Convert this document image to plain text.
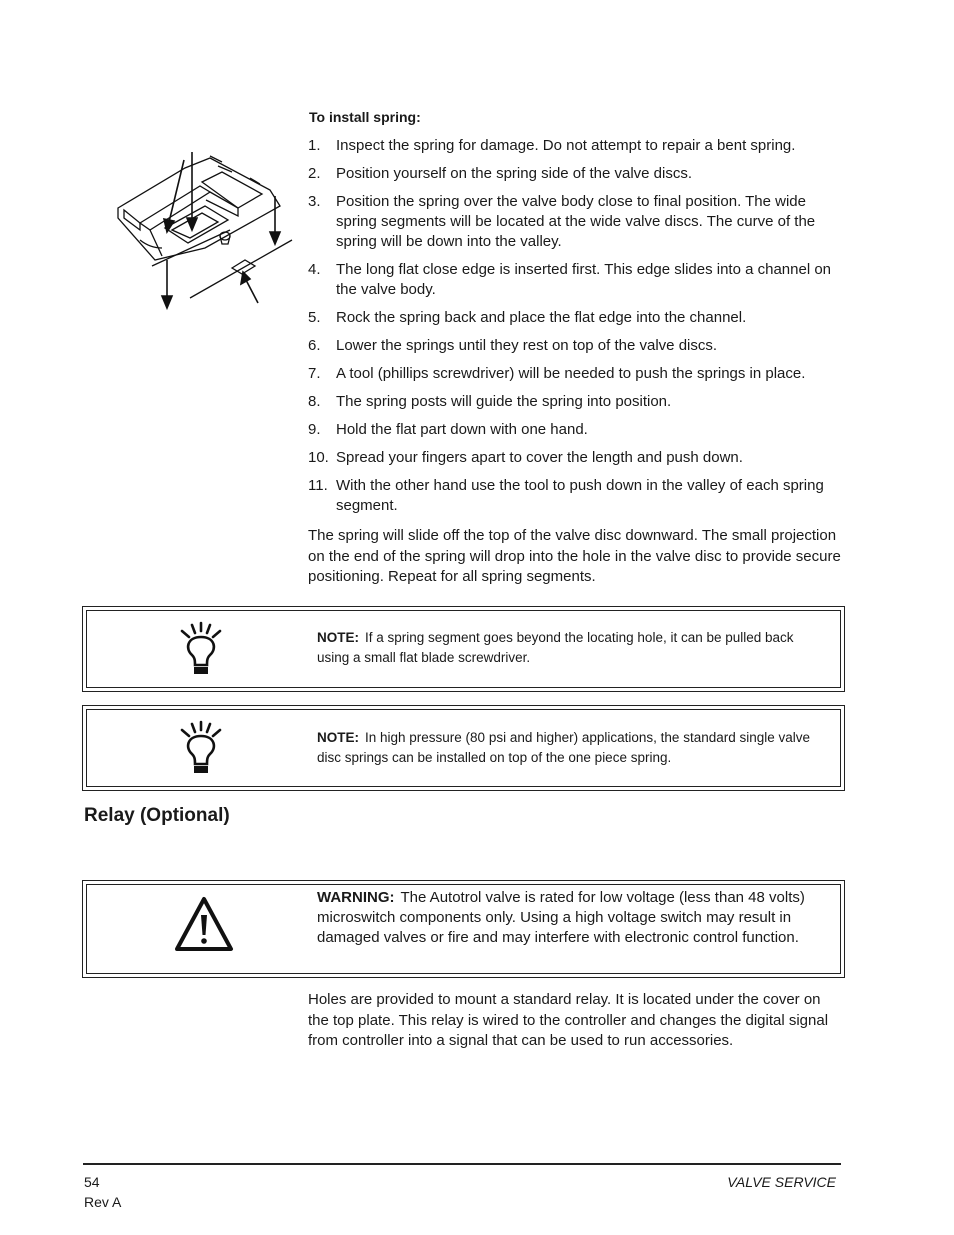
To install spring:
1. Inspect the spring for damage. Do not attempt to repair a bent spring.
2. Position yourself on the spring side of the valve discs.
3. Position the spring over the valve body close to final position. The wide spring segments will be located at the wide valve discs. The curve of the spring will be down into the valley.
4. The long flat close edge is inserted first. This edge slides into a channel on the valve body.
5. Rock the spring back and place the flat edge into the channel.
6. Lower the springs until they rest on top of the valve discs.
7. A tool (phillips screwdriver) will be needed to push the springs in place.
8. The spring posts will guide the spring into position.
9. Hold the flat part down with one hand.
10. Spread your fingers apart to cover the length and push down.
11. With the other hand use the tool to push down in the valley of each spring segment.
The spring will slide off the top of the valve disc downward. The small projection on the end of the spring will drop into the hole in the valve disc to provide secure positioning. Repeat for all spring segments.
NOTE: If a spring segment goes beyond the locating hole, it can be pulled back using a small flat blade screwdriver.
NOTE: In high pressure (80 psi and higher) applications, the standard single valve disc springs can be installed on top of the one piece spring.
Relay (Optional)
WARNING: The Autotrol valve is rated for low voltage (less than 48 volts) microswitch components only. Using a high voltage switch may result in damaged valves or fire and may interfere with electronic control function.
Holes are provided to mount a standard relay. It is located under the cover on the top plate. This relay is wired to the controller and changes the digital signal from controller into a signal that can be used to run accessories.
54
Rev A
VALVE SERVICE
